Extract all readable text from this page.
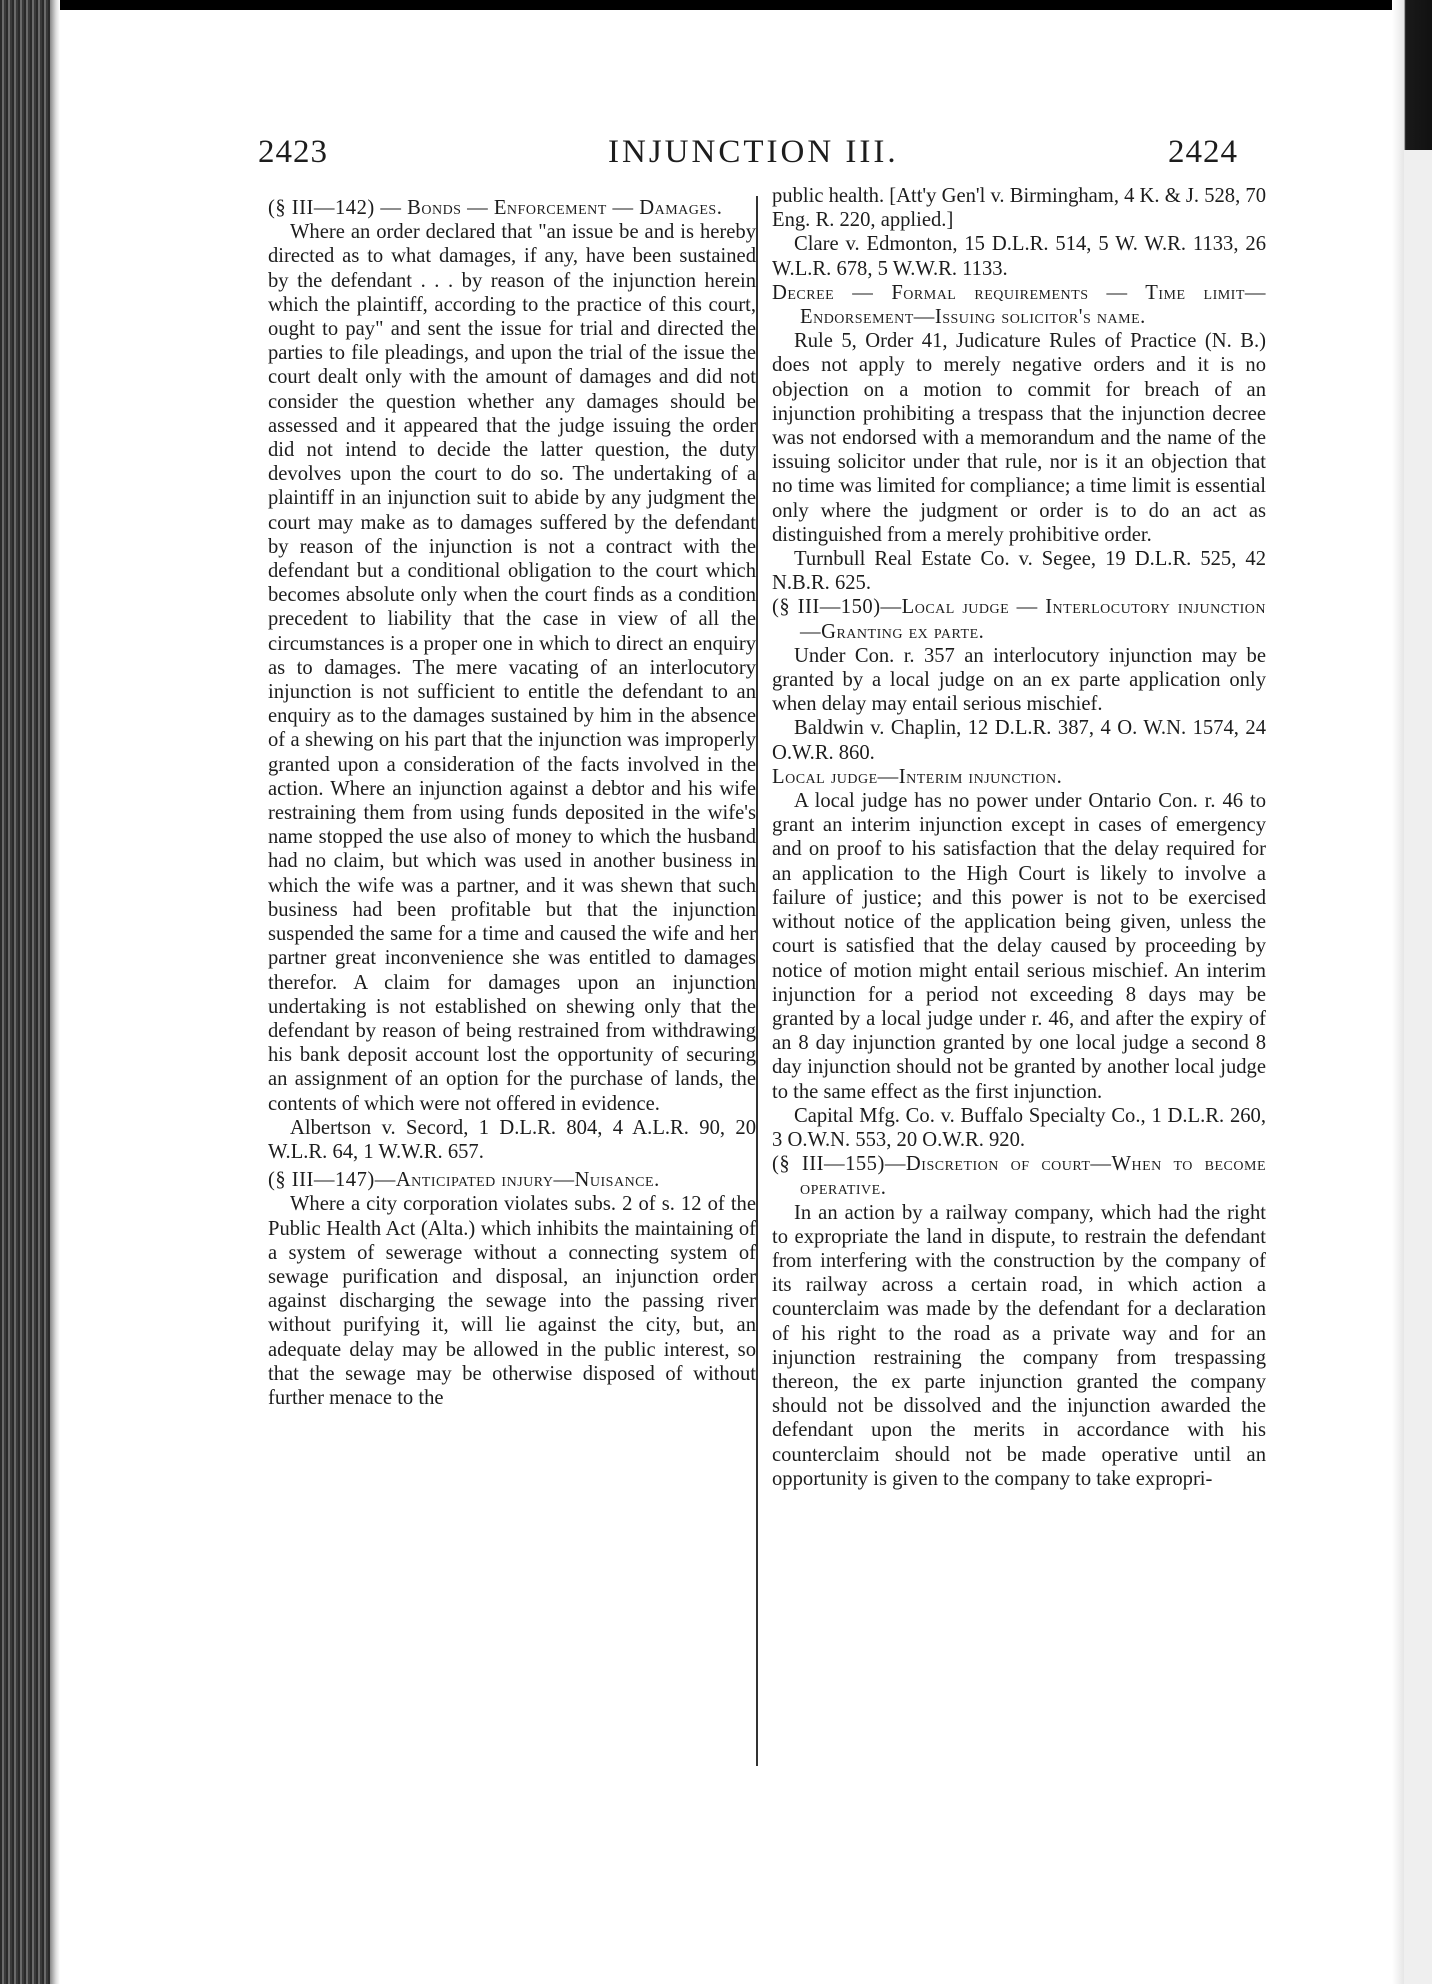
2423	INJUNCTION III.	2424

(§ III—142) — Bonds — Enforcement — Damages.

Where an order declared that "an issue be and is hereby directed as to what damages, if any, have been sustained by the defendant . . . by reason of the injunction herein which the plaintiff, according to the practice of this court, ought to pay" and sent the issue for trial and directed the parties to file pleadings, and upon the trial of the issue the court dealt only with the amount of damages and did not consider the question whether any damages should be assessed and it appeared that the judge issuing the order did not intend to decide the latter question, the duty devolves upon the court to do so. The undertaking of a plaintiff in an injunction suit to abide by any judgment the court may make as to damages suffered by the defendant by reason of the injunction is not a contract with the defendant but a conditional obligation to the court which becomes absolute only when the court finds as a condition precedent to liability that the case in view of all the circumstances is a proper one in which to direct an enquiry as to damages. The mere vacating of an interlocutory injunction is not sufficient to entitle the defendant to an enquiry as to the damages sustained by him in the absence of a shewing on his part that the injunction was improperly granted upon a consideration of the facts involved in the action. Where an injunction against a debtor and his wife restraining them from using funds deposited in the wife's name stopped the use also of money to which the husband had no claim, but which was used in another business in which the wife was a partner, and it was shewn that such business had been profitable but that the injunction suspended the same for a time and caused the wife and her partner great inconvenience she was entitled to damages therefor. A claim for damages upon an injunction undertaking is not established on shewing only that the defendant by reason of being restrained from withdrawing his bank deposit account lost the opportunity of securing an assignment of an option for the purchase of lands, the contents of which were not offered in evidence.

Albertson v. Secord, 1 D.L.R. 804, 4 A.L.R. 90, 20 W.L.R. 64, 1 W.W.R. 657.

(§ III—147)—Anticipated injury—Nuisance.

Where a city corporation violates subs. 2 of s. 12 of the Public Health Act (Alta.) which inhibits the maintaining of a system of sewerage without a connecting system of sewage purification and disposal, an injunction order against discharging the sewage into the passing river without purifying it, will lie against the city, but, an adequate delay may be allowed in the public interest, so that the sewage may be otherwise disposed of without further menace to the

public health. [Att'y Gen'l v. Birmingham, 4 K. & J. 528, 70 Eng. R. 220, applied.]

Clare v. Edmonton, 15 D.L.R. 514, 5 W. W.R. 1133, 26 W.L.R. 678, 5 W.W.R. 1133.

Decree — Formal requirements — Time limit—Endorsement—Issuing solicitor's name.

Rule 5, Order 41, Judicature Rules of Practice (N. B.) does not apply to merely negative orders and it is no objection on a motion to commit for breach of an injunction prohibiting a trespass that the injunction decree was not endorsed with a memorandum and the name of the issuing solicitor under that rule, nor is it an objection that no time was limited for compliance; a time limit is essential only where the judgment or order is to do an act as distinguished from a merely prohibitive order.

Turnbull Real Estate Co. v. Segee, 19 D.L.R. 525, 42 N.B.R. 625.

(§ III—150)—Local judge — Interlocutory injunction—Granting ex parte.

Under Con. r. 357 an interlocutory injunction may be granted by a local judge on an ex parte application only when delay may entail serious mischief.

Baldwin v. Chaplin, 12 D.L.R. 387, 4 O. W.N. 1574, 24 O.W.R. 860.

Local judge—Interim injunction.

A local judge has no power under Ontario Con. r. 46 to grant an interim injunction except in cases of emergency and on proof to his satisfaction that the delay required for an application to the High Court is likely to involve a failure of justice; and this power is not to be exercised without notice of the application being given, unless the court is satisfied that the delay caused by proceeding by notice of motion might entail serious mischief. An interim injunction for a period not exceeding 8 days may be granted by a local judge under r. 46, and after the expiry of an 8 day injunction granted by one local judge a second 8 day injunction should not be granted by another local judge to the same effect as the first injunction.

Capital Mfg. Co. v. Buffalo Specialty Co., 1 D.L.R. 260, 3 O.W.N. 553, 20 O.W.R. 920.

(§ III—155)—Discretion of court—When to become operative.

In an action by a railway company, which had the right to expropriate the land in dispute, to restrain the defendant from interfering with the construction by the company of its railway across a certain road, in which action a counterclaim was made by the defendant for a declaration of his right to the road as a private way and for an injunction restraining the company from trespassing thereon, the ex parte injunction granted the company should not be dissolved and the injunction awarded the defendant upon the merits in accordance with his counterclaim should not be made operative until an opportunity is given to the company to take expropri-
